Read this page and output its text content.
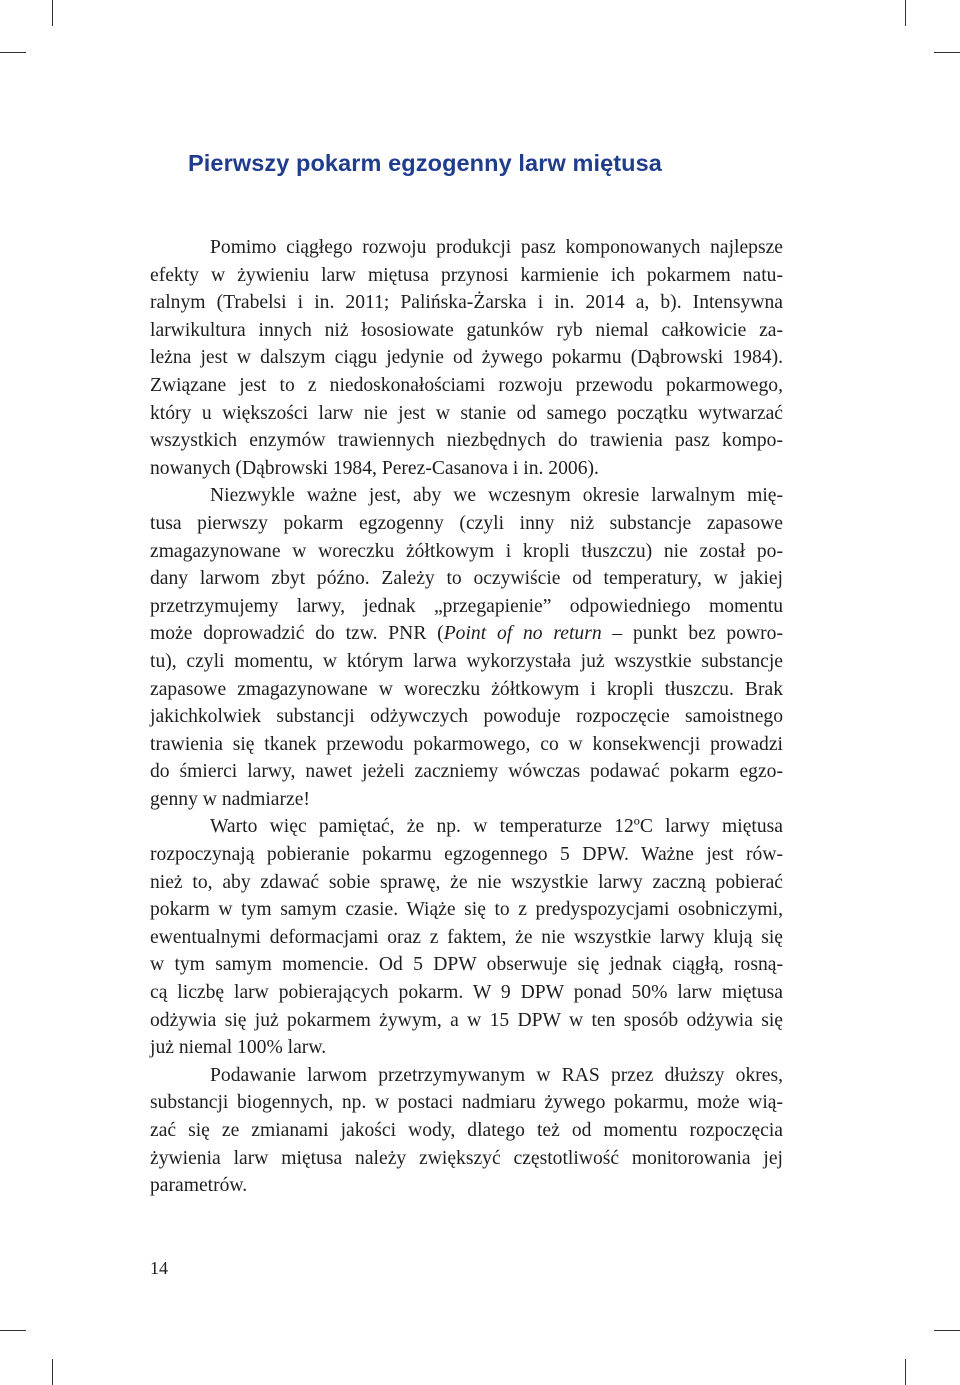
Pierwszy pokarm egzogenny larw miętusa
Pomimo ciągłego rozwoju produkcji pasz komponowanych najlepsze
efekty w żywieniu larw miętusa przynosi karmienie ich pokarmem natu-
ralnym (Trabelsi i in. 2011; Palińska-Żarska i in. 2014 a, b). Intensywna
larwikultura innych niż łososiowate gatunków ryb niemal całkowicie za-
leżna jest w dalszym ciągu jedynie od żywego pokarmu (Dąbrowski 1984).
Związane jest to z niedoskonałościami rozwoju przewodu pokarmowego,
który u większości larw nie jest w stanie od samego początku wytwarzać
wszystkich enzymów trawiennych niezbędnych do trawienia pasz kompo-
nowanych (Dąbrowski 1984, Perez-Casanova i in. 2006).
Niezwykle ważne jest, aby we wczesnym okresie larwalnym mię-
tusa pierwszy pokarm egzogenny (czyli inny niż substancje zapasowe
zmagazynowane w woreczku żółtkowym i kropli tłuszczu) nie został po-
dany larwom zbyt późno. Zależy to oczywiście od temperatury, w jakiej
przetrzymujemy larwy, jednak „przegapienie” odpowiedniego momentu
może doprowadzić do tzw. PNR (Point of no return – punkt bez powro-
tu), czyli momentu, w którym larwa wykorzystała już wszystkie substancje
zapasowe zmagazynowane w woreczku żółtkowym i kropli tłuszczu. Brak
jakichkolwiek substancji odżywczych powoduje rozpoczęcie samoistnego
trawienia się tkanek przewodu pokarmowego, co w konsekwencji prowadzi
do śmierci larwy, nawet jeżeli zaczniemy wówczas podawać pokarm egzo-
genny w nadmiarze!
Warto więc pamiętać, że np. w temperaturze 12ºC larwy miętusa
rozpoczynają pobieranie pokarmu egzogennego 5 DPW. Ważne jest rów-
nież to, aby zdawać sobie sprawę, że nie wszystkie larwy zaczną pobierać
pokarm w tym samym czasie. Wiąże się to z predyspozycjami osobniczymi,
ewentualnymi deformacjami oraz z faktem, że nie wszystkie larwy klują się
w tym samym momencie. Od 5 DPW obserwuje się jednak ciągłą, rosną-
cą liczbę larw pobierających pokarm. W 9 DPW ponad 50% larw miętusa
odżywia się już pokarmem żywym, a w 15 DPW w ten sposób odżywia się
już niemal 100% larw.
Podawanie larwom przetrzymywanym w RAS przez dłuższy okres,
substancji biogennych, np. w postaci nadmiaru żywego pokarmu, może wią-
zać się ze zmianami jakości wody, dlatego też od momentu rozpoczęcia
żywienia larw miętusa należy zwiększyć częstotliwość monitorowania jej
parametrów.
14
